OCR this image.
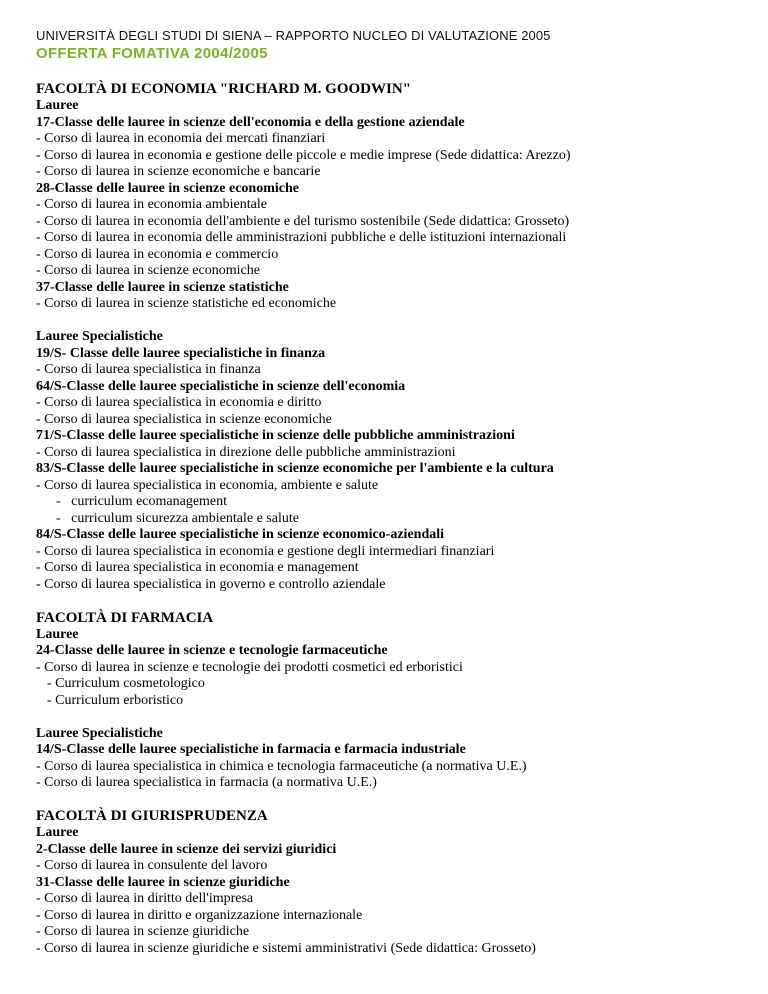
UNIVERSITÀ DEGLI STUDI DI SIENA – RAPPORTO NUCLEO DI VALUTAZIONE 2005
OFFERTA FOMATIVA 2004/2005
FACOLTÀ DI ECONOMIA "RICHARD M. GOODWIN"
Lauree
17-Classe delle lauree in scienze dell'economia e della gestione aziendale
- Corso di laurea in economia dei mercati finanziari
- Corso di laurea in economia e gestione delle piccole e medie imprese (Sede didattica: Arezzo)
- Corso di laurea in scienze economiche e bancarie
28-Classe delle lauree in scienze economiche
- Corso di laurea in economia ambientale
- Corso di laurea in economia dell'ambiente e del turismo sostenibile (Sede didattica: Grosseto)
- Corso di laurea in economia delle amministrazioni pubbliche e delle istituzioni internazionali
- Corso di laurea in economia e commercio
- Corso di laurea in scienze economiche
37-Classe delle lauree in scienze statistiche
- Corso di laurea in scienze statistiche ed economiche
Lauree Specialistiche
19/S- Classe delle lauree specialistiche in finanza
- Corso di laurea specialistica in finanza
64/S-Classe delle lauree specialistiche in scienze dell'economia
- Corso di laurea specialistica in economia e diritto
- Corso di laurea specialistica in scienze economiche
71/S-Classe delle lauree specialistiche in scienze delle pubbliche amministrazioni
- Corso di laurea specialistica in direzione delle pubbliche amministrazioni
83/S-Classe delle lauree specialistiche in scienze economiche per l'ambiente e la cultura
- Corso di laurea specialistica in economia, ambiente e salute
-   curriculum ecomanagement
-   curriculum sicurezza ambientale e salute
84/S-Classe delle lauree specialistiche in scienze economico-aziendali
- Corso di laurea specialistica in economia e gestione degli intermediari finanziari
- Corso di laurea specialistica in economia e management
- Corso di laurea specialistica in governo e controllo aziendale
FACOLTÀ DI FARMACIA
Lauree
24-Classe delle lauree in scienze e tecnologie farmaceutiche
- Corso di laurea in scienze e tecnologie dei prodotti cosmetici ed erboristici
- Curriculum cosmetologico
- Curriculum erboristico
Lauree Specialistiche
14/S-Classe delle lauree specialistiche in farmacia e farmacia industriale
- Corso di laurea specialistica in chimica e tecnologia farmaceutiche (a normativa U.E.)
- Corso di laurea specialistica in farmacia (a normativa U.E.)
FACOLTÀ DI GIURISPRUDENZA
Lauree
2-Classe delle lauree in scienze dei servizi giuridici
- Corso di laurea in consulente del lavoro
31-Classe delle lauree in scienze giuridiche
- Corso di laurea in diritto dell'impresa
- Corso di laurea in diritto e organizzazione internazionale
- Corso di laurea in scienze giuridiche
- Corso di laurea in scienze giuridiche e sistemi amministrativi (Sede didattica: Grosseto)
